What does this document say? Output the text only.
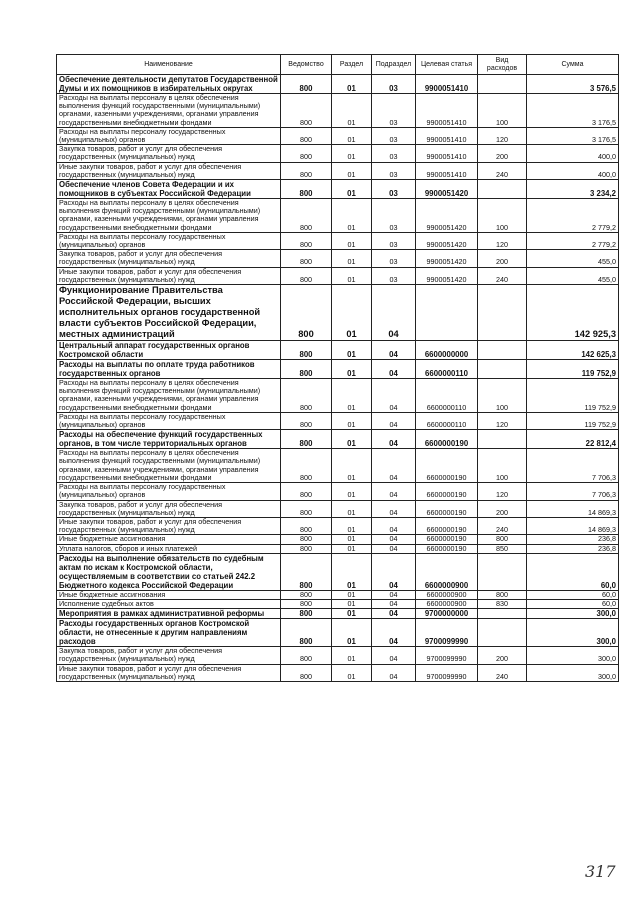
Наименование	Ведомство	Раздел	Подраздел	Целевая статья	Вид расходов	Сумма
Обеспечение деятельности депутатов Государственной Думы и их помощников в избирательных округах	800	01	03	9900051410		3 576,5
Расходы на выплаты персоналу в целях обеспечения выполнения функций государственными (муниципальными) органами, казенными учреждениями, органами управления государственными внебюджетными фондами	800	01	03	9900051410	100	3 176,5
Расходы на выплаты персоналу государственных (муниципальных) органов	800	01	03	9900051410	120	3 176,5
Закупка товаров, работ и услуг для обеспечения государственных (муниципальных) нужд	800	01	03	9900051410	200	400,0
Иные закупки товаров, работ и услуг для обеспечения государственных (муниципальных) нужд	800	01	03	9900051410	240	400,0
Обеспечение членов Совета Федерации и их помощников в субъектах Российской Федерации	800	01	03	9900051420		3 234,2
Расходы на выплаты персоналу в целях обеспечения выполнения функций государственными (муниципальными) органами, казенными учреждениями, органами управления государственными внебюджетными фондами	800	01	03	9900051420	100	2 779,2
Расходы на выплаты персоналу государственных (муниципальных) органов	800	01	03	9900051420	120	2 779,2
Закупка товаров, работ и услуг для обеспечения государственных (муниципальных) нужд	800	01	03	9900051420	200	455,0
Иные закупки товаров, работ и услуг для обеспечения государственных (муниципальных) нужд	800	01	03	9900051420	240	455,0
Функционирование Правительства Российской Федерации, высших исполнительных органов государственной власти субъектов Российской Федерации, местных администраций	800	01	04			142 925,3
Центральный аппарат государственных органов Костромской области	800	01	04	6600000000		142 625,3
Расходы на выплаты по оплате труда работников государственных органов	800	01	04	6600000110		119 752,9
Расходы на выплаты персоналу в целях обеспечения выполнения функций государственными (муниципальными) органами, казенными учреждениями, органами управления государственными внебюджетными фондами	800	01	04	6600000110	100	119 752,9
Расходы на выплаты персоналу государственных (муниципальных) органов	800	01	04	6600000110	120	119 752,9
Расходы на обеспечение функций государственных органов, в том числе территориальных органов	800	01	04	6600000190		22 812,4
Расходы на выплаты персоналу в целях обеспечения выполнения функций государственными (муниципальными) органами, казенными учреждениями, органами управления государственными внебюджетными фондами	800	01	04	6600000190	100	7 706,3
Расходы на выплаты персоналу государственных (муниципальных) органов	800	01	04	6600000190	120	7 706,3
Закупка товаров, работ и услуг для обеспечения государственных (муниципальных) нужд	800	01	04	6600000190	200	14 869,3
Иные закупки товаров, работ и услуг для обеспечения государственных (муниципальных) нужд	800	01	04	6600000190	240	14 869,3
Иные бюджетные ассигнования	800	01	04	6600000190	800	236,8
Уплата налогов, сборов и иных платежей	800	01	04	6600000190	850	236,8
Расходы на выполнение обязательств по судебным актам по искам к Костромской области, осуществляемым в соответствии со статьей 242.2 Бюджетного кодекса Российской Федерации	800	01	04	6600000900		60,0
Иные бюджетные ассигнования	800	01	04	6600000900	800	60,0
Исполнение судебных актов	800	01	04	6600000900	830	60,0
Мероприятия в рамках административной реформы	800	01	04	9700000000		300,0
Расходы государственных органов Костромской области, не отнесенные к другим направлениям расходов	800	01	04	9700099990		300,0
Закупка товаров, работ и услуг для обеспечения государственных (муниципальных) нужд	800	01	04	9700099990	200	300,0
Иные закупки товаров, работ и услуг для обеспечения государственных (муниципальных) нужд	800	01	04	9700099990	240	300,0
317
